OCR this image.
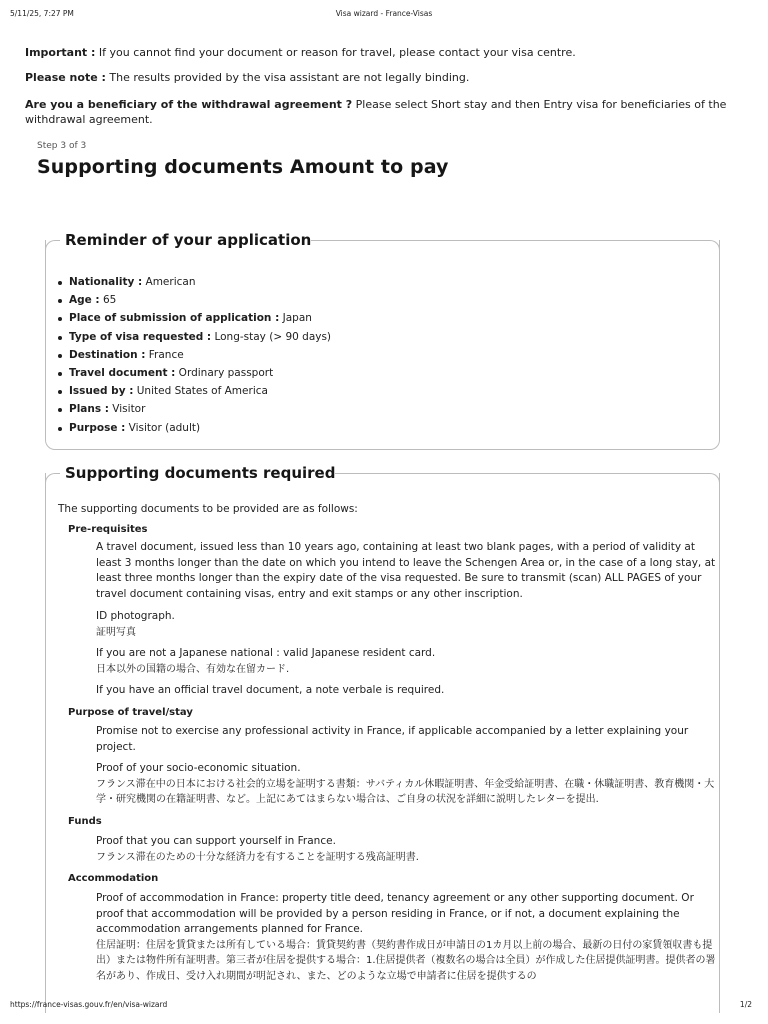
5/11/25, 7:27 PM	Visa wizard - France-Visas
Important : If you cannot find your document or reason for travel, please contact your visa centre.
Please note : The results provided by the visa assistant are not legally binding.
Are you a beneficiary of the withdrawal agreement ? Please select Short stay and then Entry visa for beneficiaries of the withdrawal agreement.
Step 3 of 3
Supporting documents Amount to pay
Reminder of your application
Nationality : American
Age : 65
Place of submission of application : Japan
Type of visa requested : Long-stay (> 90 days)
Destination : France
Travel document : Ordinary passport
Issued by : United States of America
Plans : Visitor
Purpose : Visitor (adult)
Supporting documents required
The supporting documents to be provided are as follows:
Pre-requisites
A travel document, issued less than 10 years ago, containing at least two blank pages, with a period of validity at least 3 months longer than the date on which you intend to leave the Schengen Area or, in the case of a long stay, at least three months longer than the expiry date of the visa requested. Be sure to transmit (scan) ALL PAGES of your travel document containing visas, entry and exit stamps or any other inscription.
ID photograph.
証明写真
If you are not a Japanese national : valid Japanese resident card.
日本以外の国籍の場合、有効な在留カード.
If you have an official travel document, a note verbale is required.
Purpose of travel/stay
Promise not to exercise any professional activity in France, if applicable accompanied by a letter explaining your project.
Proof of your socio-economic situation.
フランス滞在中の日本における社会的立場を証明する書類：サバティカル休暇証明書、年金受給証明書、在職・休職証明書、教育機関・大学・研究機関の在籍証明書、など。上記にあてはまらない場合は、ご自身の状況を詳細に説明したレターを提出.
Funds
Proof that you can support yourself in France.
フランス滞在のための十分な経済力を有することを証明する残高証明書.
Accommodation
Proof of accommodation in France: property title deed, tenancy agreement or any other supporting document. Or proof that accommodation will be provided by a person residing in France, or if not, a document explaining the accommodation arrangements planned for France.
住居証明：住居を賃貸または所有している場合：賃貸契約書（契約書作成日が申請日の1カ月以上前の場合、最新の日付の家賃領収書も提出）または物件所有証明書。第三者が住居を提供する場合：1.住居提供者（複数名の場合は全員）が作成した住居提供証明書。提供者の署名があり、作成日、受け入れ期間が明記され、また、どのような立場で申請者に住居を提供するの
https://france-visas.gouv.fr/en/visa-wizard	1/2
